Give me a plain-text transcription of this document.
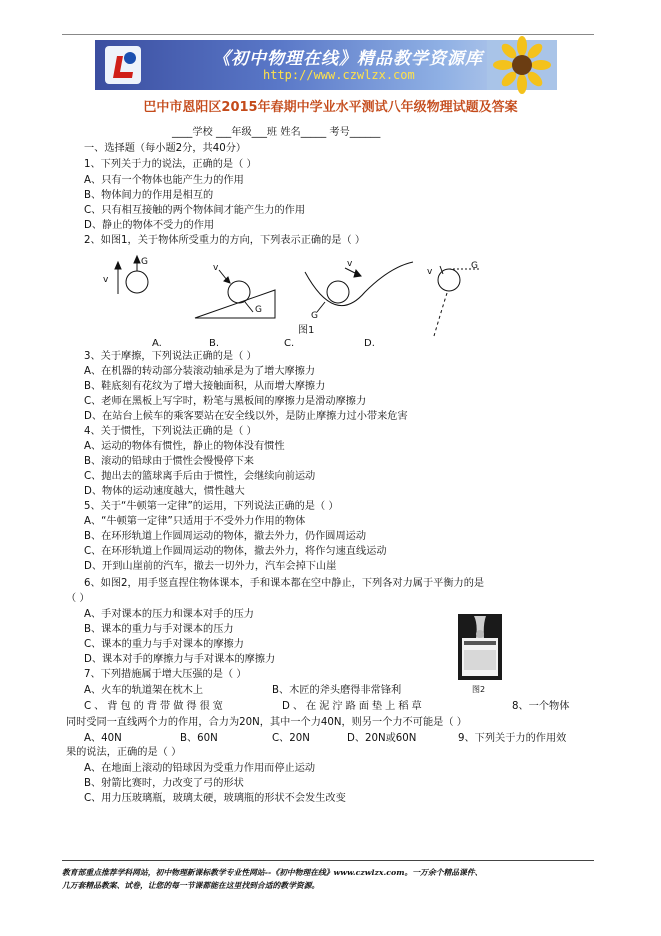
《初中物理在线》精品教学资源库
http://www.czwlzx.com
巴中市恩阳区2015年春期中学业水平测试八年级物理试题及答案
____学校 ___年级___班 姓名_____ 考号______
一、选择题（每小题2分，共40分）
1、下列关于力的说法，正确的是（ ）
A、只有一个物体也能产生力的作用
B、物体间力的作用是相互的
C、只有相互接触的两个物体间才能产生力的作用
D、静止的物体不受力的作用
2、如图1，关于物体所受重力的方向，下列表示正确的是（ ）
v
G
v
G
v
G
v
G
图1
A.	B.	C.	D.
3、关于摩擦，下列说法正确的是（ ）
A、在机器的转动部分装滚动轴承是为了增大摩擦力
B、鞋底刻有花纹为了增大接触面积，从而增大摩擦力
C、老师在黑板上写字时，粉笔与黑板间的摩擦力是滑动摩擦力
D、在站台上候车的乘客要站在安全线以外，是防止摩擦力过小带来危害
4、关于惯性，下列说法正确的是（ ）
A、运动的物体有惯性，静止的物体没有惯性
B、滚动的铅球由于惯性会慢慢停下来
C、抛出去的篮球离手后由于惯性，会继续向前运动
D、物体的运动速度越大，惯性越大
5、关于“牛顿第一定律”的运用，下列说法正确的是（ ）
A、“牛顿第一定律”只适用于不受外力作用的物体
B、在环形轨道上作圆周运动的物体，撤去外力，仍作圆周运动
C、在环形轨道上作圆周运动的物体，撤去外力，将作匀速直线运动
D、开到山崖前的汽车，撤去一切外力，汽车会掉下山崖
6、如图2，用手竖直捏住物体课本，手和课本都在空中静止，下列各对力属于平衡力的是
（ ）
A、手对课本的压力和课本对手的压力
B、课本的重力与手对课本的压力
C、课本的重力与手对课本的摩擦力
D、课本对手的摩擦力与手对课本的摩擦力
7、下列措施属于增大压强的是（ ）
A、火车的轨道架在枕木上	B、木匠的斧头磨得非常锋利
C、背包的背带做得很宽	D、在泥泞路面垫上稻草	8、一个物体
同时受同一直线两个力的作用，合力为20N，其中一个力40N，则另一个力不可能是（ ）
A、40N	B、60N	C、20N	D、20N或60N	9、下列关于力的作用效
果的说法，正确的是（ ）
A、在地面上滚动的铅球因为受重力作用而停止运动
B、射箭比赛时，力改变了弓的形状
C、用力压玻璃瓶，玻璃太硬，玻璃瓶的形状不会发生改变
图2
教育部重点推荐学科网站，初中物理新课标教学专业性网站--《初中物理在线》www.czwlzx.com。一万余个精品课件、
几万套精品教案、试卷，让您的每一节课都能在这里找到合适的教学资源。
